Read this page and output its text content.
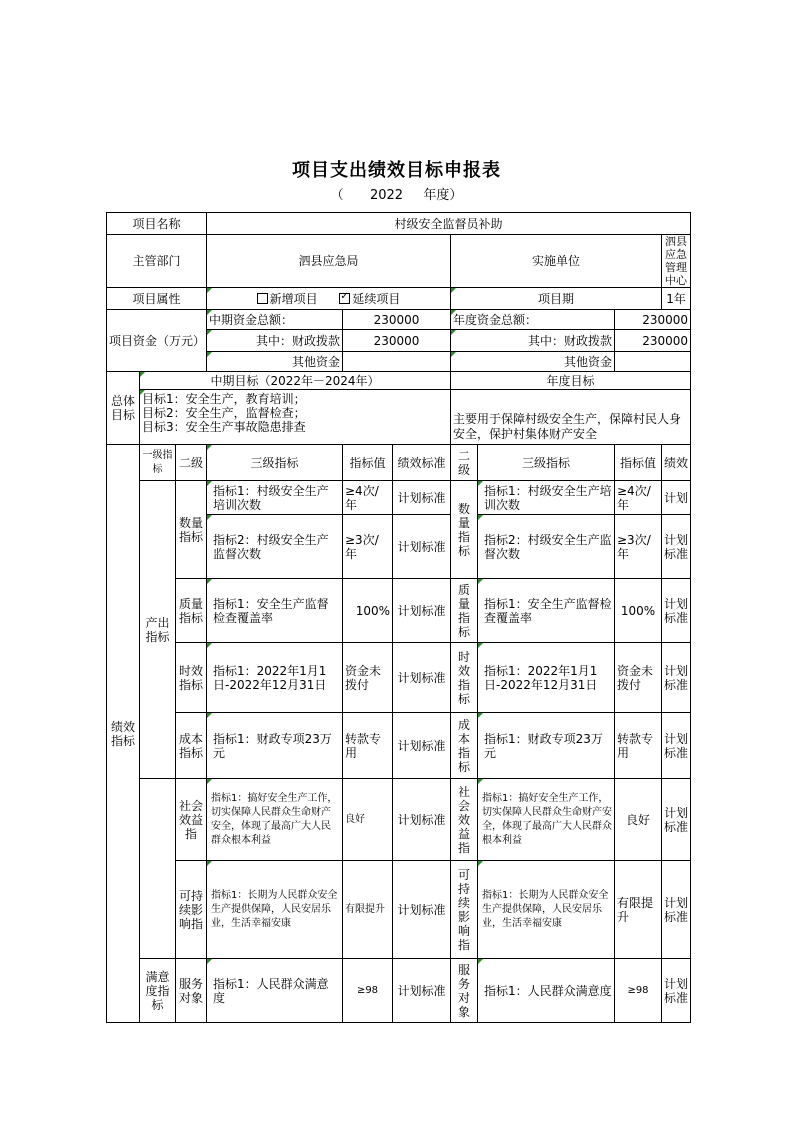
项目支出绩效目标申报表
（ 2022 年度）
项目名称			村级安全监督员补助						
主管部门			泗县应急局			实施单位			泗县应急管理中心
项目属性			新增项目 ✓ 延续项目			项目期			1年
项目资金（万元）			中期资金总额：	230000		年度资金总额：		230000	
			其中：财政拨款	230000		其中：财政拨款		230000	
			其他资金			其他资金			
总体目标	中期目标（2022年－2024年）					年度目标			

	目标1：安全生产，教育培训；
目标2：安全生产，监督检查；
目标3：安全生产事故隐患排查					主要用于保障村级安全生产，保障村民人身安全，保护村集体财产安全			
绩效指标	一级指标	二级	三级指标	指标值	绩效标准	二级	三级指标	指标值	绩效
	产出指标	数量指标	指标1：村级安全生产培训次数	≥4次/年	计划标准	数量指标	指标1：村级安全生产培训次数	≥4次/年	计划
			指标2：村级安全生产监督次数	≥3次/年	计划标准		指标2：村级安全生产监督次数	≥3次/年	计划标准
		质量指标	指标1：安全生产监督检查覆盖率	100%	计划标准	质量指标	指标1：安全生产监督检查覆盖率	100%	计划标准
		时效指标	指标1：2022年1月1日-2022年12月31日	资金未拨付	计划标准	时效指标	指标1：2022年1月1日-2022年12月31日	资金未拨付	计划标准
		成本指标	指标1：财政专项23万元	转款专用	计划标准	成本指标	指标1：财政专项23万元	转款专用	计划标准
		社会效益指	指标1：搞好安全生产工作，切实保障人民群众生命财产安全，体现了最高广大人民群众根本利益	良好	计划标准	社会效益指	指标1：搞好安全生产工作，切实保障人民群众生命财产安全，体现了最高广大人民群众根本利益	良好	计划标准
		可持续影响指	指标1：长期为人民群众安全生产提供保障，人民安居乐业，生活幸福安康	有限提升	计划标准	可持续影响指	指标1：长期为人民群众安全生产提供保障，人民安居乐业，生活幸福安康	有限提升	计划标准
	满意度指标	服务对象	指标1：人民群众满意度	≥98	计划标准	服务对象	指标1：人民群众满意度	≥98	计划标准
